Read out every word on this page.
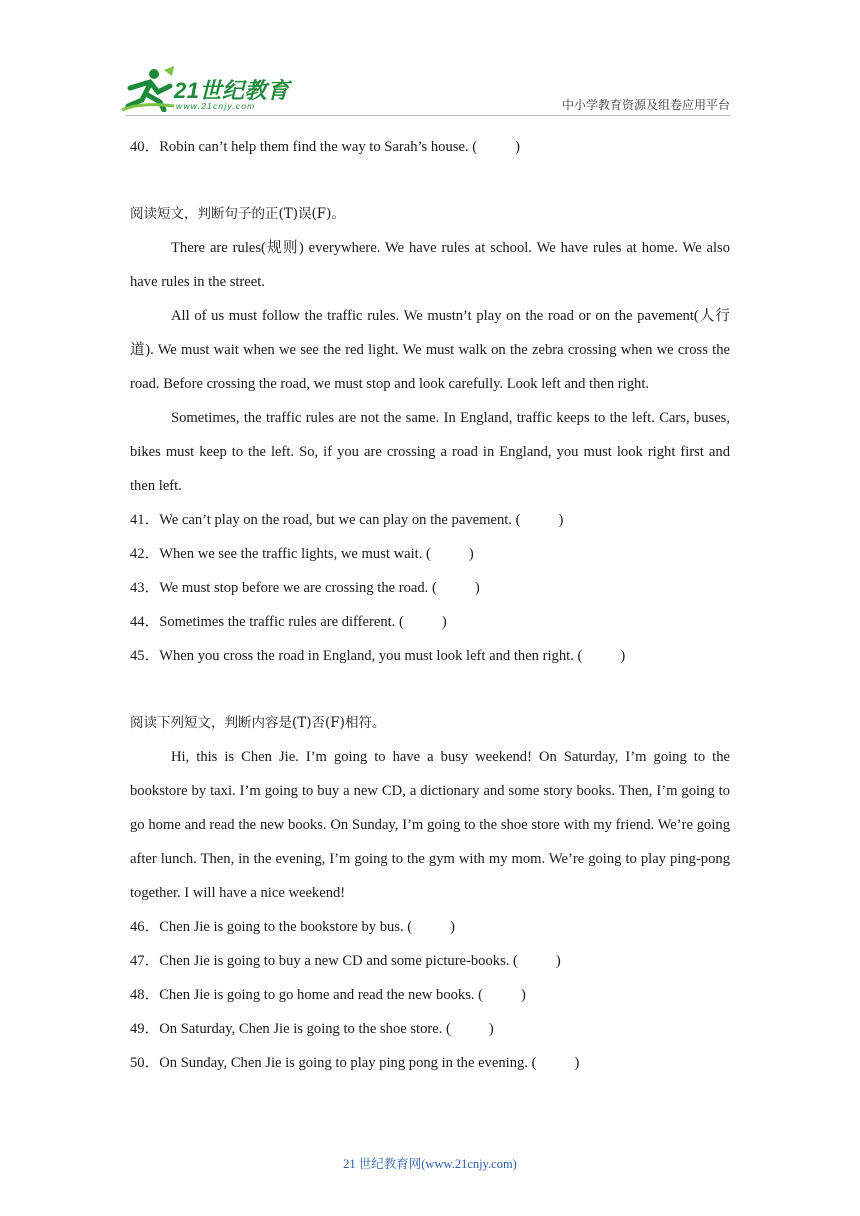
21世纪教育
www.21cnjy.com	中小学教育资源及组卷应用平台
40．Robin can’t help them find the way to Sarah’s house. (	)
阅读短文，判断句子的正(T)误(F)。
There are rules(规则) everywhere. We have rules at school. We have rules at home. We also have rules in the street.
All of us must follow the traffic rules. We mustn’t play on the road or on the pavement(人行道). We must wait when we see the red light. We must walk on the zebra crossing when we cross the road. Before crossing the road, we must stop and look carefully. Look left and then right.
Sometimes, the traffic rules are not the same. In England, traffic keeps to the left. Cars, buses, bikes must keep to the left. So, if you are crossing a road in England, you must look right first and then left.
41．We can’t play on the road, but we can play on the pavement. (	)
42．When we see the traffic lights, we must wait. (	)
43．We must stop before we are crossing the road. (	)
44．Sometimes the traffic rules are different. (	)
45．When you cross the road in England, you must look left and then right. (	)
阅读下列短文，判断内容是(T)否(F)相符。
Hi, this is Chen Jie. I’m going to have a busy weekend! On Saturday, I’m going to the bookstore by taxi. I’m going to buy a new CD, a dictionary and some story books. Then, I’m going to go home and read the new books. On Sunday, I’m going to the shoe store with my friend. We’re going after lunch. Then, in the evening, I’m going to the gym with my mom. We’re going to play ping-pong together. I will have a nice weekend!
46．Chen Jie is going to the bookstore by bus. (	)
47．Chen Jie is going to buy a new CD and some picture-books. (	)
48．Chen Jie is going to go home and read the new books. (	)
49．On Saturday, Chen Jie is going to the shoe store. (	)
50．On Sunday, Chen Jie is going to play ping pong in the evening. (	)
21 世纪教育网(www.21cnjy.com)
